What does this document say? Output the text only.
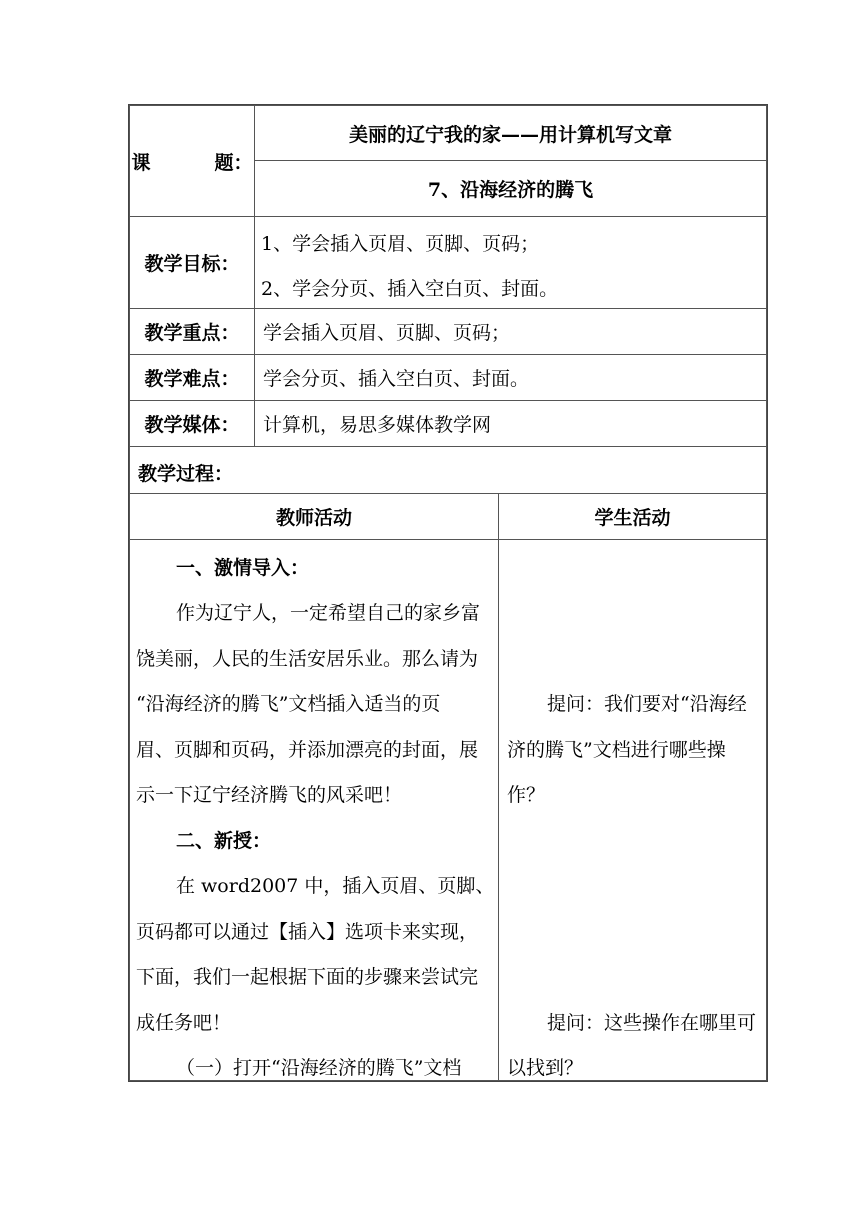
课	题：
美丽的辽宁我的家——用计算机写文章
7、沿海经济的腾飞
教学目标：
1、学会插入页眉、页脚、页码；
2、学会分页、插入空白页、封面。
教学重点： 学会插入页眉、页脚、页码；
教学难点： 学会分页、插入空白页、封面。
教学媒体： 计算机，易思多媒体教学网
教学过程：
教师活动	学生活动
一、激情导入：
作为辽宁人，一定希望自己的家乡富
饶美丽，人民的生活安居乐业。那么请为
“沿海经济的腾飞”文档插入适当的页
眉、页脚和页码，并添加漂亮的封面，展
示一下辽宁经济腾飞的风采吧！
二、新授：
在 word2007 中，插入页眉、页脚、
页码都可以通过【插入】选项卡来实现，
下面，我们一起根据下面的步骤来尝试完
成任务吧！
（一）打开“沿海经济的腾飞”文档
提问：我们要对“沿海经
济的腾飞”文档进行哪些操
作？
提问：这些操作在哪里可
以找到？
